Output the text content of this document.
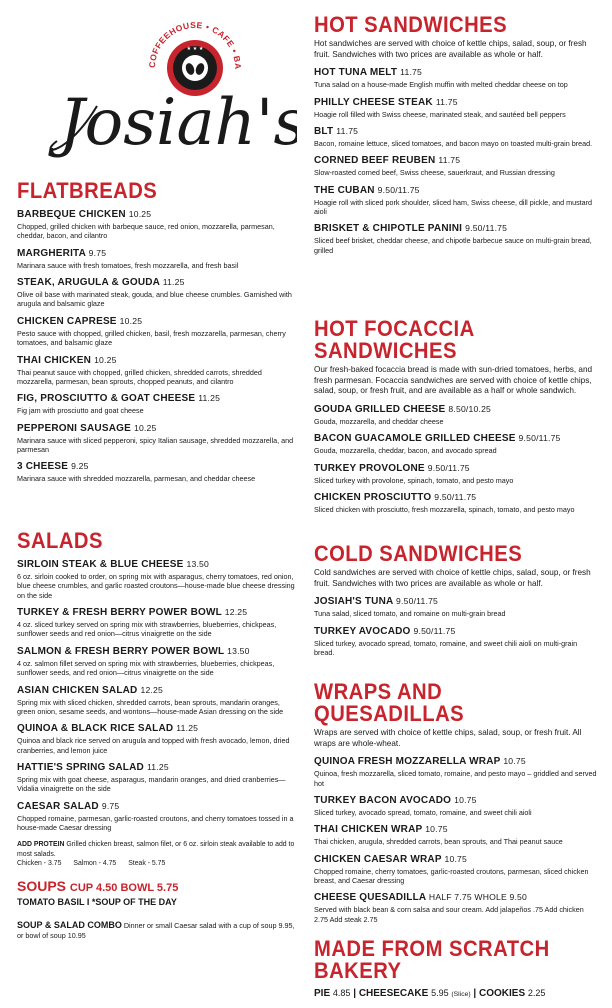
★ ★ ★
COFFEEHOUSE • CAFE • BA
Josiah's
FLATBREADS
BARBEQUE CHICKEN 10.25
Chopped, grilled chicken with barbeque sauce, red onion, mozzarella, parmesan, cheddar, bacon, and cilantro
MARGHERITA 9.75
Marinara sauce with fresh tomatoes, fresh mozzarella, and fresh basil
STEAK, ARUGULA & GOUDA 11.25
Olive oil base with marinated steak, gouda, and blue cheese crumbles. Garnished with arugula and balsamic glaze
CHICKEN CAPRESE 10.25
Pesto sauce with chopped, grilled chicken, basil, fresh mozzarella, parmesan, cherry tomatoes, and balsamic glaze
THAI CHICKEN 10.25
Thai peanut sauce with chopped, grilled chicken, shredded carrots, shredded mozzarella, parmesan, bean sprouts, chopped peanuts, and cilantro
FIG, PROSCIUTTO & GOAT CHEESE 11.25
Fig jam with prosciutto and goat cheese
PEPPERONI SAUSAGE 10.25
Marinara sauce with sliced pepperoni, spicy Italian sausage, shredded mozzarella, and parmesan
3 CHEESE 9.25
Marinara sauce with shredded mozzarella, parmesan, and cheddar cheese
SALADS
SIRLOIN STEAK & BLUE CHEESE 13.50
6 oz. sirloin cooked to order, on spring mix with asparagus, cherry tomatoes, red onion, blue cheese crumbles, and garlic roasted croutons—house-made blue cheese dressing on the side
TURKEY & FRESH BERRY POWER BOWL 12.25
4 oz. sliced turkey served on spring mix with strawberries, blueberries, chickpeas, sunflower seeds and red onion—citrus vinaigrette on the side
SALMON & FRESH BERRY POWER BOWL 13.50
4 oz. salmon fillet served on spring mix with strawberries, blueberries, chickpeas, sunflower seeds, and red onion—citrus vinaigrette on the side
ASIAN CHICKEN SALAD 12.25
Spring mix with sliced chicken, shredded carrots, bean sprouts, mandarin oranges, green onion, sesame seeds, and wontons—house-made Asian dressing on the side
QUINOA & BLACK RICE SALAD 11.25
Quinoa and black rice served on arugula and topped with fresh avocado, lemon, dried cranberries, and lemon juice
HATTIE'S SPRING SALAD 11.25
Spring mix with goat cheese, asparagus, mandarin oranges, and dried cranberries—Vidalia vinaigrette on the side
CAESAR SALAD 9.75
Chopped romaine, parmesan, garlic-roasted croutons, and cherry tomatoes tossed in a house-made Caesar dressing
ADD PROTEIN Grilled chicken breast, salmon filet, or 6 oz. sirloin steak available to add to most salads.
Chicken - 3.75 Salmon - 4.75 Steak - 5.75
SOUPS CUP 4.50 BOWL 5.75
TOMATO BASIL I *SOUP OF THE DAY
SOUP & SALAD COMBO Dinner or small Caesar salad with a cup of soup 9.95, or bowl of soup 10.95
HOT SANDWICHES
Hot sandwiches are served with choice of kettle chips, salad, soup, or fresh fruit. Sandwiches with two prices are available as whole or half.
HOT TUNA MELT 11.75
Tuna salad on a house-made English muffin with melted cheddar cheese on top
PHILLY CHEESE STEAK 11.75
Hoagie roll filled with Swiss cheese, marinated steak, and sautéed bell peppers
BLT 11.75
Bacon, romaine lettuce, sliced tomatoes, and bacon mayo on toasted multi-grain bread.
CORNED BEEF REUBEN 11.75
Slow-roasted corned beef, Swiss cheese, sauerkraut, and Russian dressing
THE CUBAN 9.50/11.75
Hoagie roll with sliced pork shoulder, sliced ham, Swiss cheese, dill pickle, and mustard aioli
BRISKET & CHIPOTLE PANINI 9.50/11.75
Sliced beef brisket, cheddar cheese, and chipotle barbecue sauce on multi-grain bread, grilled
HOT FOCACCIA SANDWICHES
Our fresh-baked focaccia bread is made with sun-dried tomatoes, herbs, and fresh parmesan. Focaccia sandwiches are served with choice of kettle chips, salad, soup, or fresh fruit, and are available as a half or whole sandwich.
GOUDA GRILLED CHEESE 8.50/10.25
Gouda, mozzarella, and cheddar cheese
BACON GUACAMOLE GRILLED CHEESE 9.50/11.75
Gouda, mozzarella, cheddar, bacon, and avocado spread
TURKEY PROVOLONE 9.50/11.75
Sliced turkey with provolone, spinach, tomato, and pesto mayo
CHICKEN PROSCIUTTO 9.50/11.75
Sliced chicken with prosciutto, fresh mozzarella, spinach, tomato, and pesto mayo
COLD SANDWICHES
Cold sandwiches are served with choice of kettle chips, salad, soup, or fresh fruit. Sandwiches with two prices are available as whole or half.
JOSIAH'S TUNA 9.50/11.75
Tuna salad, sliced tomato, and romaine on multi-grain bread
TURKEY AVOCADO 9.50/11.75
Sliced turkey, avocado spread, tomato, romaine, and sweet chili aioli on multi-grain bread.
WRAPS AND QUESADILLAS
Wraps are served with choice of kettle chips, salad, soup, or fresh fruit. All wraps are whole-wheat.
QUINOA FRESH MOZZARELLA WRAP 10.75
Quinoa, fresh mozzarella, sliced tomato, romaine, and pesto mayo – griddled and served hot
TURKEY BACON AVOCADO 10.75
Sliced turkey, avocado spread, tomato, romaine, and sweet chili aioli
THAI CHICKEN WRAP 10.75
Thai chicken, arugula, shredded carrots, bean sprouts, and Thai peanut sauce
CHICKEN CAESAR WRAP 10.75
Chopped romaine, cherry tomatoes, garlic-roasted croutons, parmesan, sliced chicken breast, and Caesar dressing
CHEESE QUESADILLA HALF 7.75 WHOLE 9.50
Served with black bean & corn salsa and sour cream. Add jalapeños .75 Add chicken 2.75 Add steak 2.75
MADE FROM SCRATCH BAKERY
PIE 4.85 | CHEESECAKE 5.95 (Slice) | COOKIES 2.25
